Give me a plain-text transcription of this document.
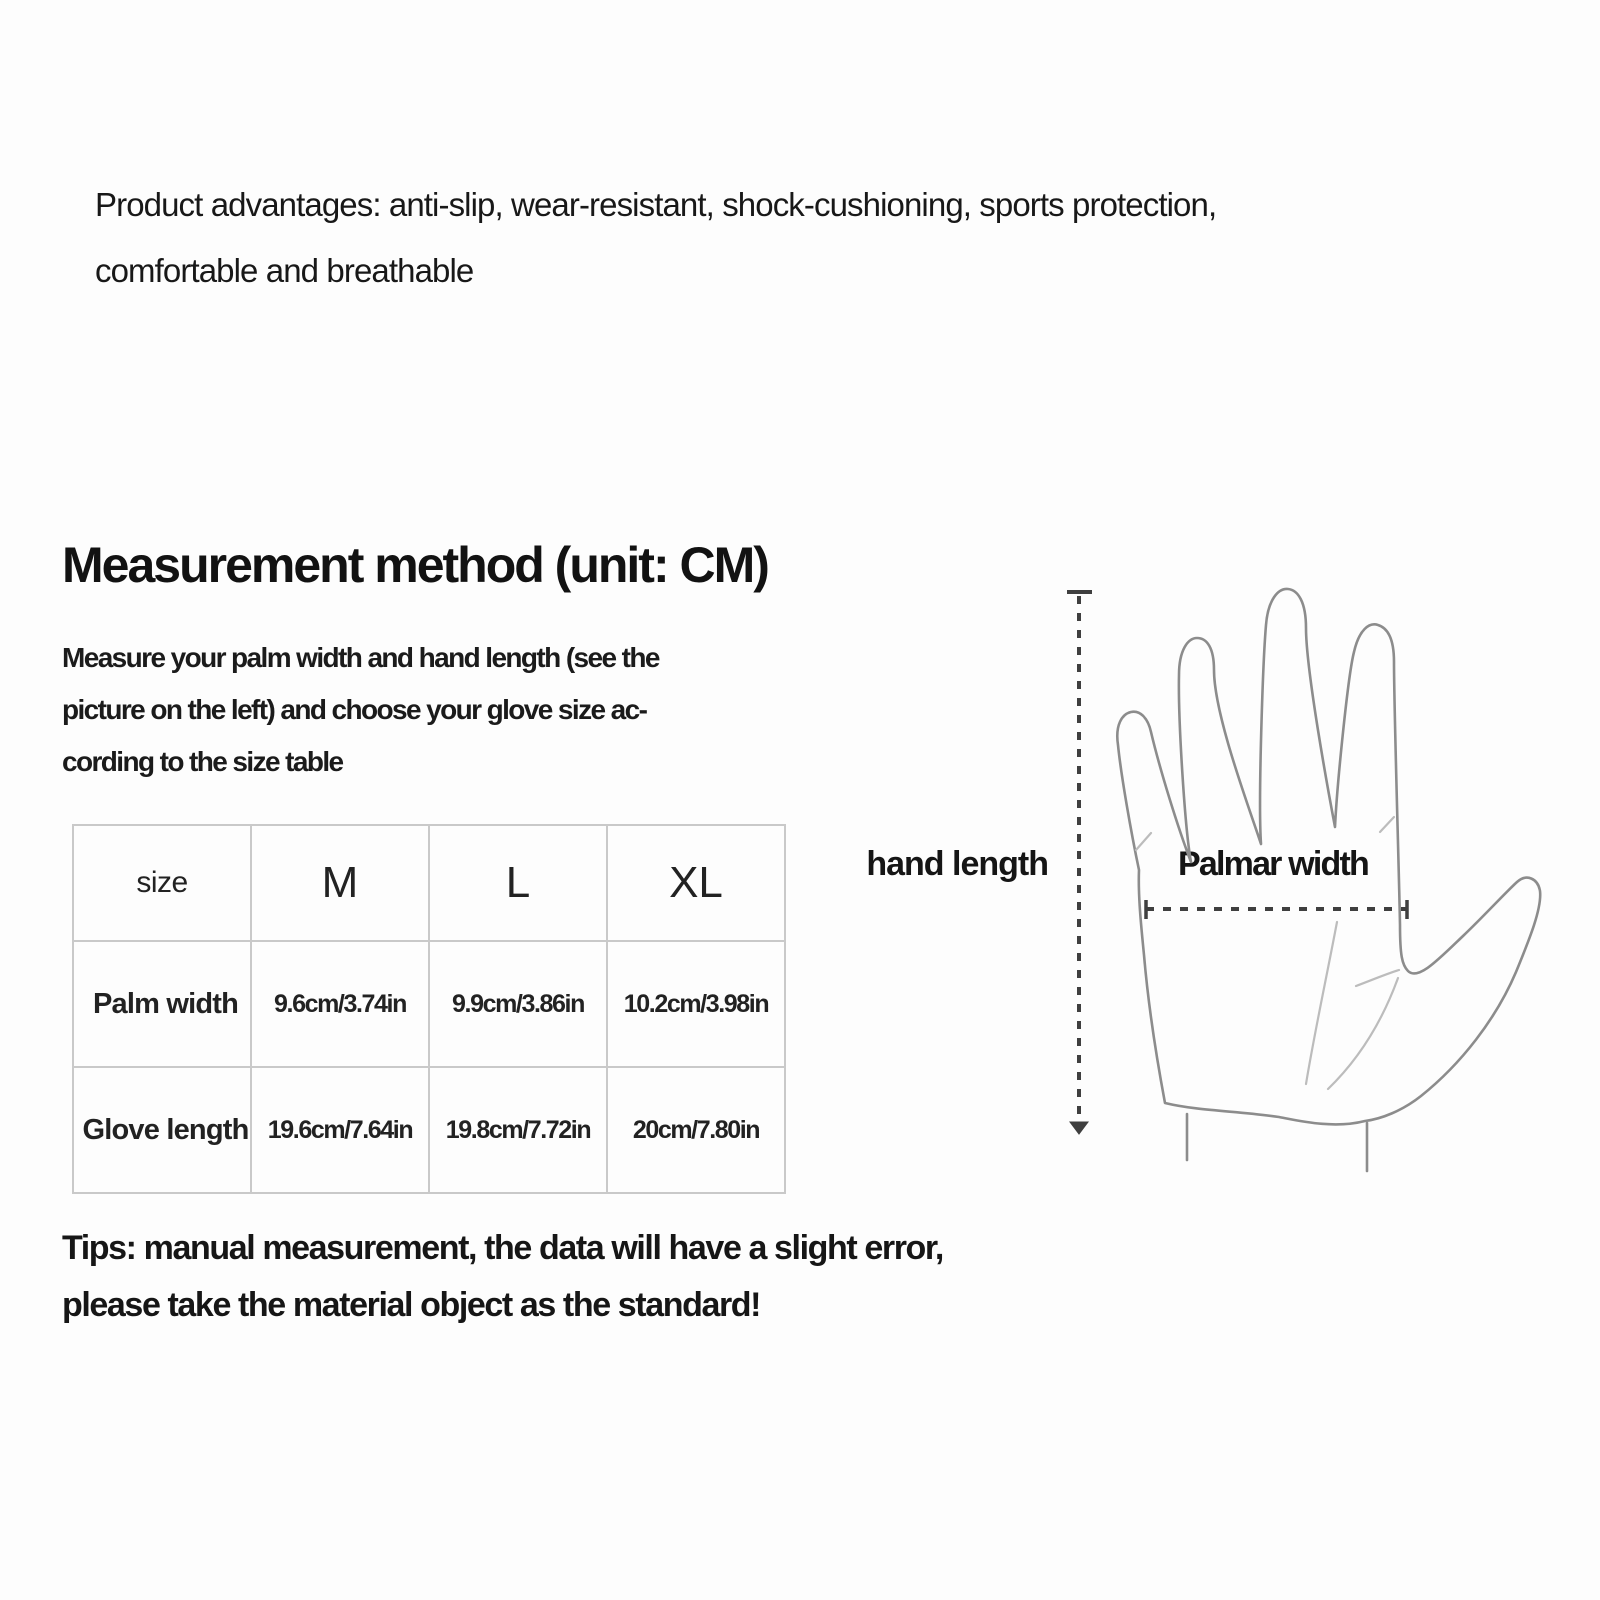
Product advantages: anti-slip, wear-resistant, shock-cushioning, sports protection,
comfortable and breathable
Measurement method (unit: CM)
Measure your palm width and hand length (see the
picture on the left) and choose your glove size ac-
cording to the size table
size	M	L	XL
Palm width	9.6cm/3.74in	9.9cm/3.86in	10.2cm/3.98in
Glove length	19.6cm/7.64in	19.8cm/7.72in	20cm/7.80in
Tips: manual measurement, the data will have a slight error,
please take the material object as the standard!
hand length	Palmar width
